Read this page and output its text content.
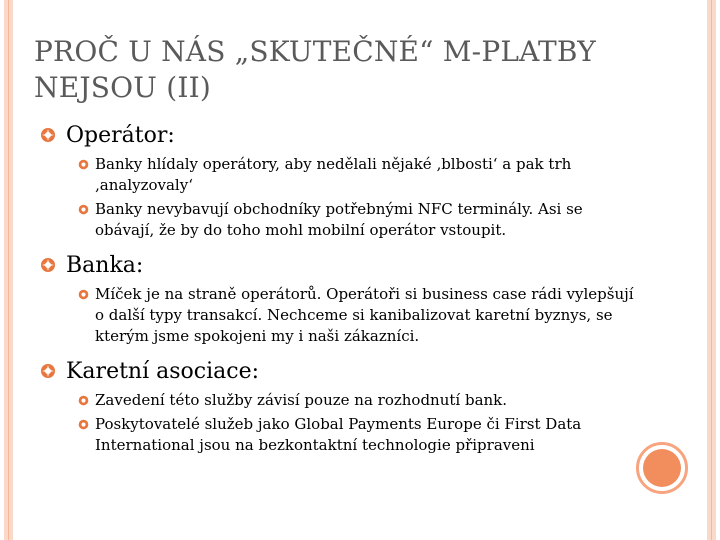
PROČ U NÁS „SKUTEČNÉ“ M-PLATBY NEJSOU (II)
Operátor:
Banky hlídaly operátory, aby nedělali nějaké ‚blbosti‘ a pak trh ‚analyzovaly‘
Banky nevybavují obchodníky potřebnými NFC terminály. Asi se obávají, že by do toho mohl mobilní operátor vstoupit.
Banka:
Míček je na straně operátorů. Operátoři si business case rádi vylepšují o další typy transakcí. Nechceme si kanibalizovat karetní byznys, se kterým jsme spokojeni my i naši zákazníci.
Karetní asociace:
Zavedení této služby závisí pouze na rozhodnutí bank.
Poskytovatelé služeb jako Global Payments Europe či First Data International jsou na bezkontaktní technologie připraveni
